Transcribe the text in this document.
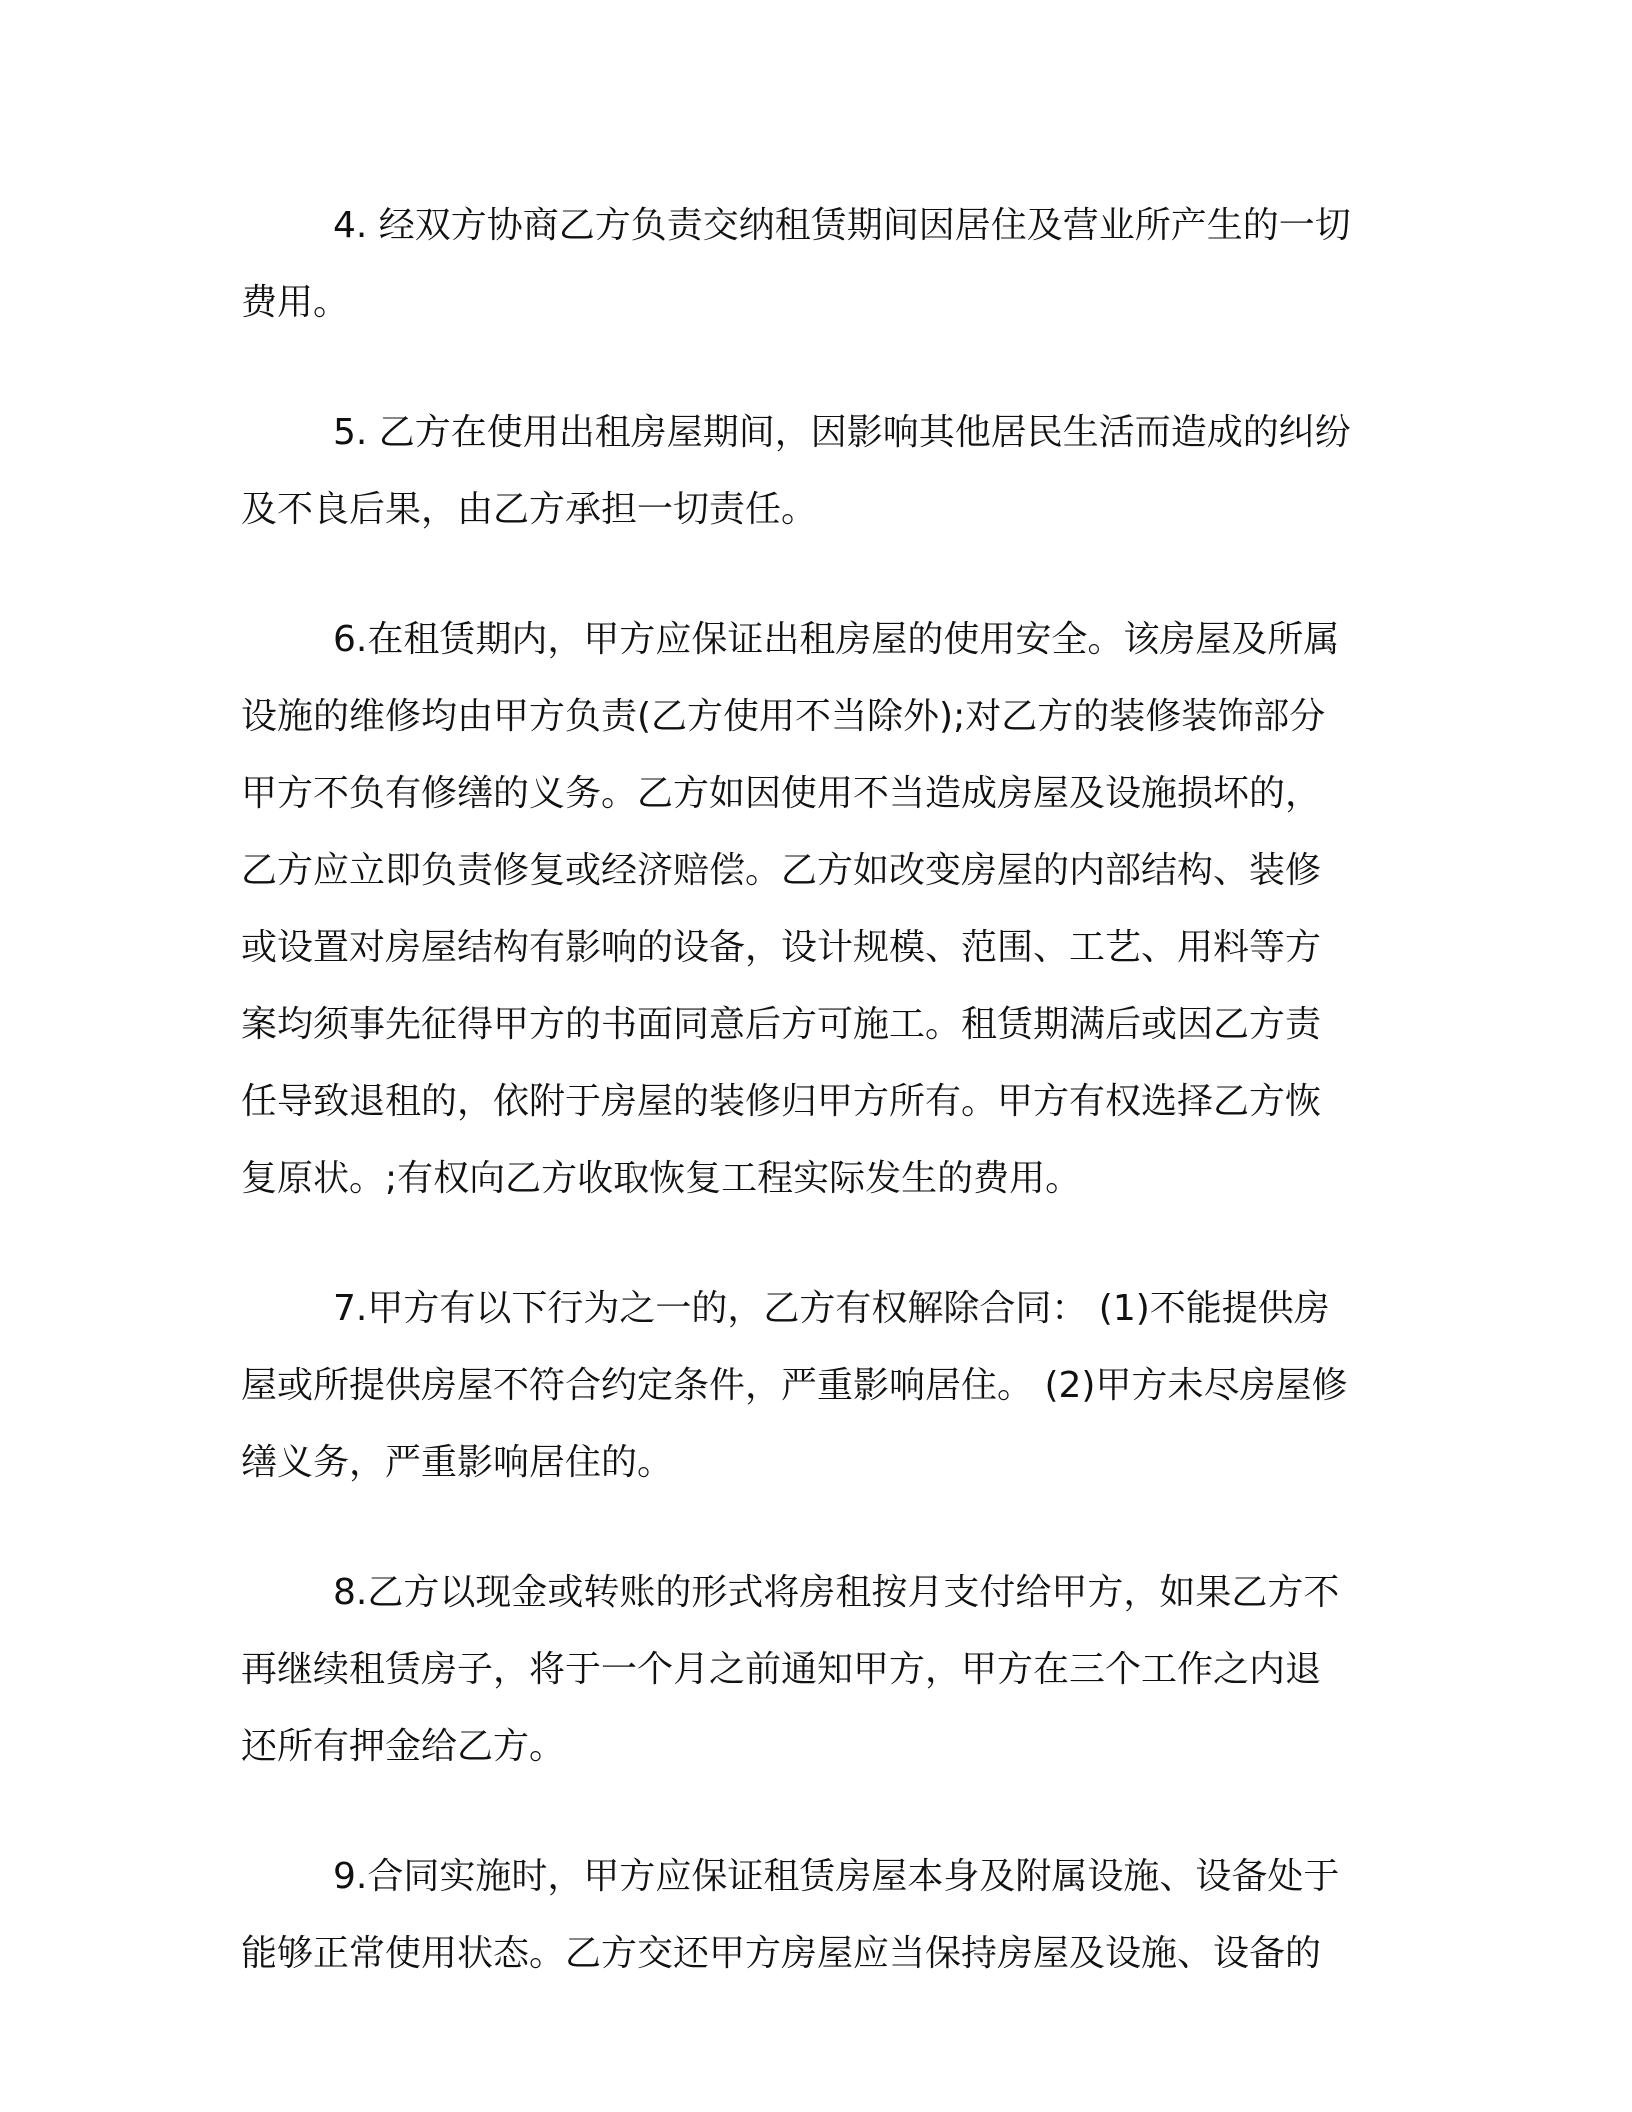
4. 经双方协商乙方负责交纳租赁期间因居住及营业所产生的一切
费用。
5. 乙方在使用出租房屋期间，因影响其他居民生活而造成的纠纷
及不良后果，由乙方承担一切责任。
6.在租赁期内，甲方应保证出租房屋的使用安全。该房屋及所属
设施的维修均由甲方负责(乙方使用不当除外);对乙方的装修装饰部分
甲方不负有修缮的义务。乙方如因使用不当造成房屋及设施损坏的，
乙方应立即负责修复或经济赔偿。乙方如改变房屋的内部结构、装修
或设置对房屋结构有影响的设备，设计规模、范围、工艺、用料等方
案均须事先征得甲方的书面同意后方可施工。租赁期满后或因乙方责
任导致退租的，依附于房屋的装修归甲方所有。甲方有权选择乙方恢
复原状。;有权向乙方收取恢复工程实际发生的费用。
7.甲方有以下行为之一的，乙方有权解除合同： (1)不能提供房
屋或所提供房屋不符合约定条件，严重影响居住。 (2)甲方未尽房屋修
缮义务，严重影响居住的。
8.乙方以现金或转账的形式将房租按月支付给甲方，如果乙方不
再继续租赁房子，将于一个月之前通知甲方，甲方在三个工作之内退
还所有押金给乙方。
9.合同实施时，甲方应保证租赁房屋本身及附属设施、设备处于
能够正常使用状态。乙方交还甲方房屋应当保持房屋及设施、设备的
